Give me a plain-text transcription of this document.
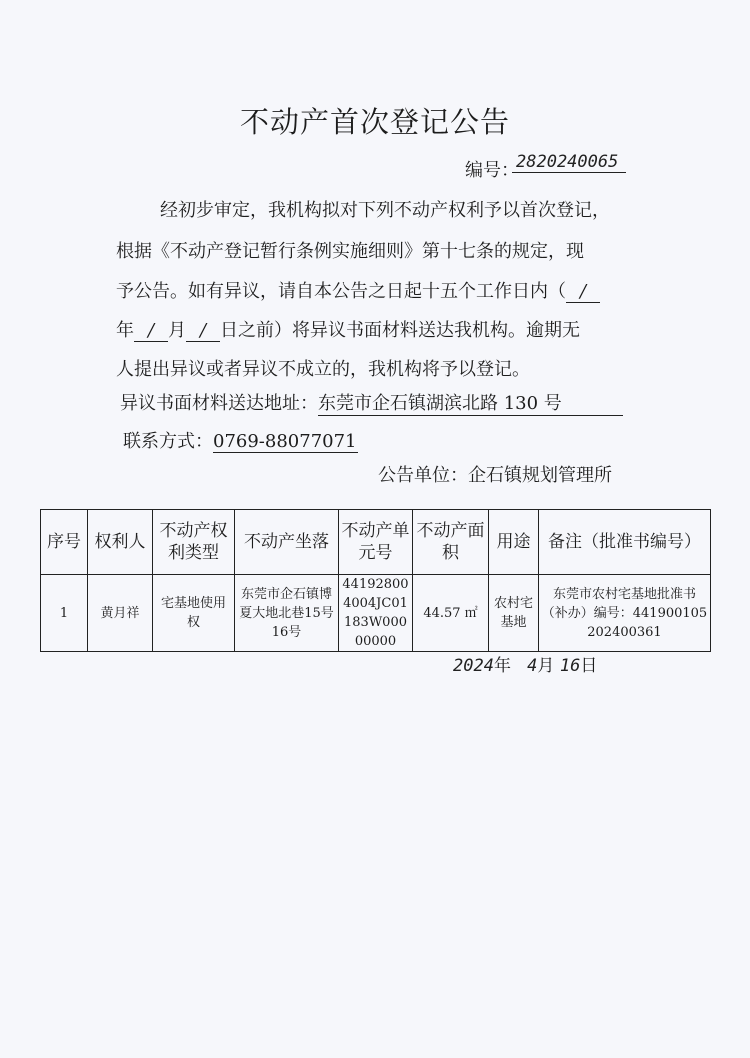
不动产首次登记公告
编号：
2820240065
经初步审定，我机构拟对下列不动产权利予以首次登记，
根据《不动产登记暂行条例实施细则》第十七条的规定，现
予公告。如有异议，请自本公告之日起十五个工作日内（ /
年 / 月 / 日之前）将异议书面材料送达我机构。逾期无
人提出异议或者异议不成立的，我机构将予以登记。
异议书面材料送达地址：东莞市企石镇湖滨北路 130 号
联系方式：0769-88077071
公告单位：企石镇规划管理所
序号	权利人	不动产权利类型	不动产坐落	不动产单元号	不动产面积	用途	备注（批准书编号）
1	黄月祥	宅基地使用权	东莞市企石镇博夏大地北巷15号16号	441928004004JC01183W00000000	44.57 ㎡	农村宅基地	东莞市农村宅基地批准书（补办）编号：441900105202400361
2024年 4月 16日
